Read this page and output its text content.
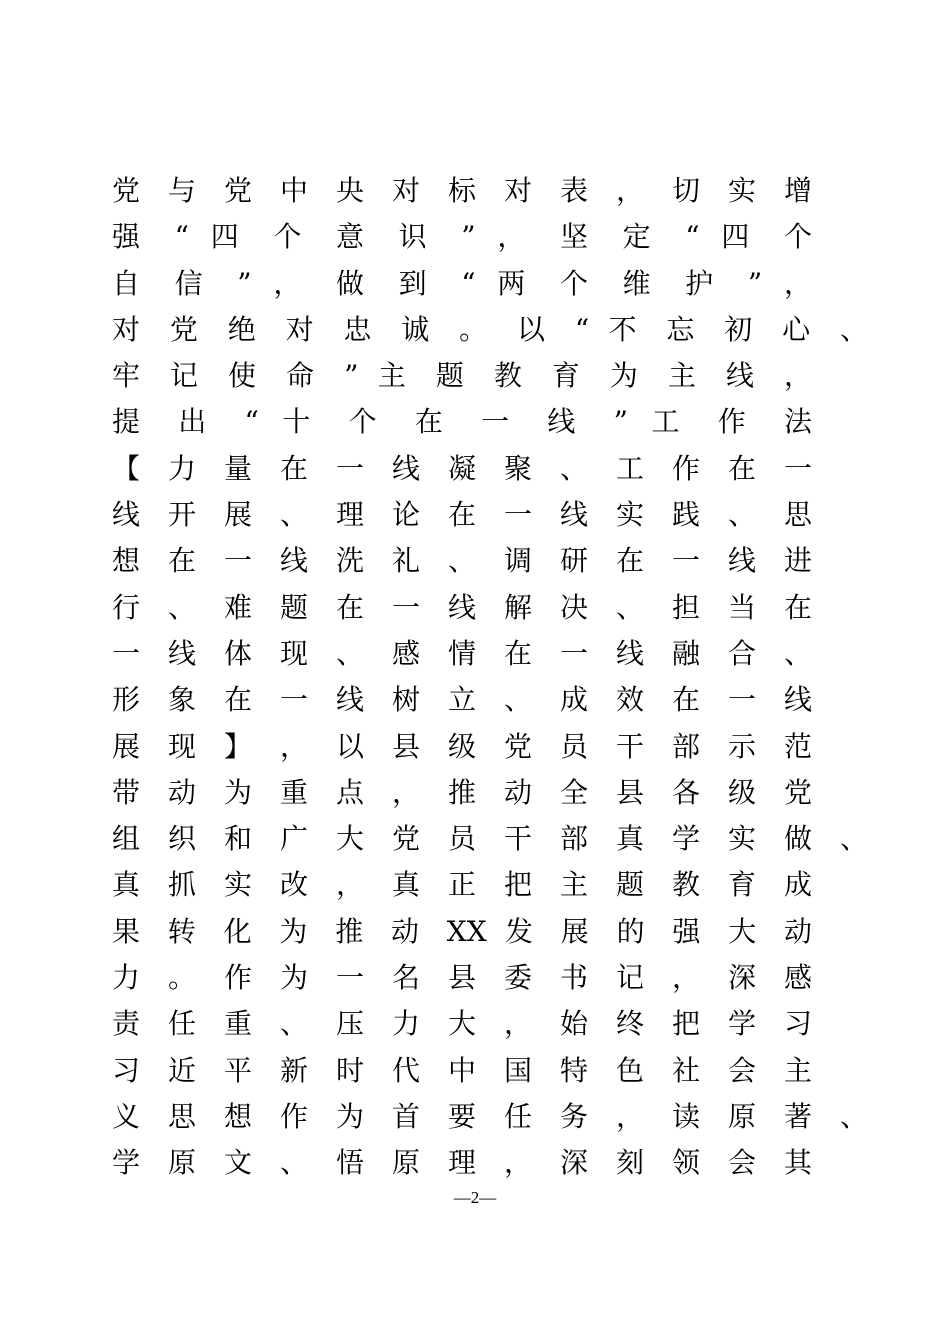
党 与 党 中 央 对 标 对 表 ， 切 实 增
强 “ 四 个 意 识 ” ， 坚 定 “ 四 个
自 信 ” ， 做 到 “ 两 个 维 护 ” ，
对 党 绝 对 忠 诚 。 以 “ 不 忘 初 心 、
牢 记 使 命 ” 主 题 教 育 为 主 线 ，
提 出 “ 十 个 在 一 线 ” 工 作 法
【 力 量 在 一 线 凝 聚 、 工 作 在 一
线 开 展 、 理 论 在 一 线 实 践 、 思
想 在 一 线 洗 礼 、 调 研 在 一 线 进
行 、 难 题 在 一 线 解 决 、 担 当 在
一 线 体 现 、 感 情 在 一 线 融 合 、
形 象 在 一 线 树 立 、 成 效 在 一 线
展 现 】 ， 以 县 级 党 员 干 部 示 范
带 动 为 重 点 ， 推 动 全 县 各 级 党
组 织 和 广 大 党 员 干 部 真 学 实 做 、
真 抓 实 改 ， 真 正 把 主 题 教 育 成
果 转 化 为 推 动 XX 发 展 的 强 大 动
力 。 作 为 一 名 县 委 书 记 ， 深 感
责 任 重 、 压 力 大 ， 始 终 把 学 习
习 近 平 新 时 代 中 国 特 色 社 会 主
义 思 想 作 为 首 要 任 务 ， 读 原 著 、
学 原 文 、 悟 原 理 ， 深 刻 领 会 其
—2—
